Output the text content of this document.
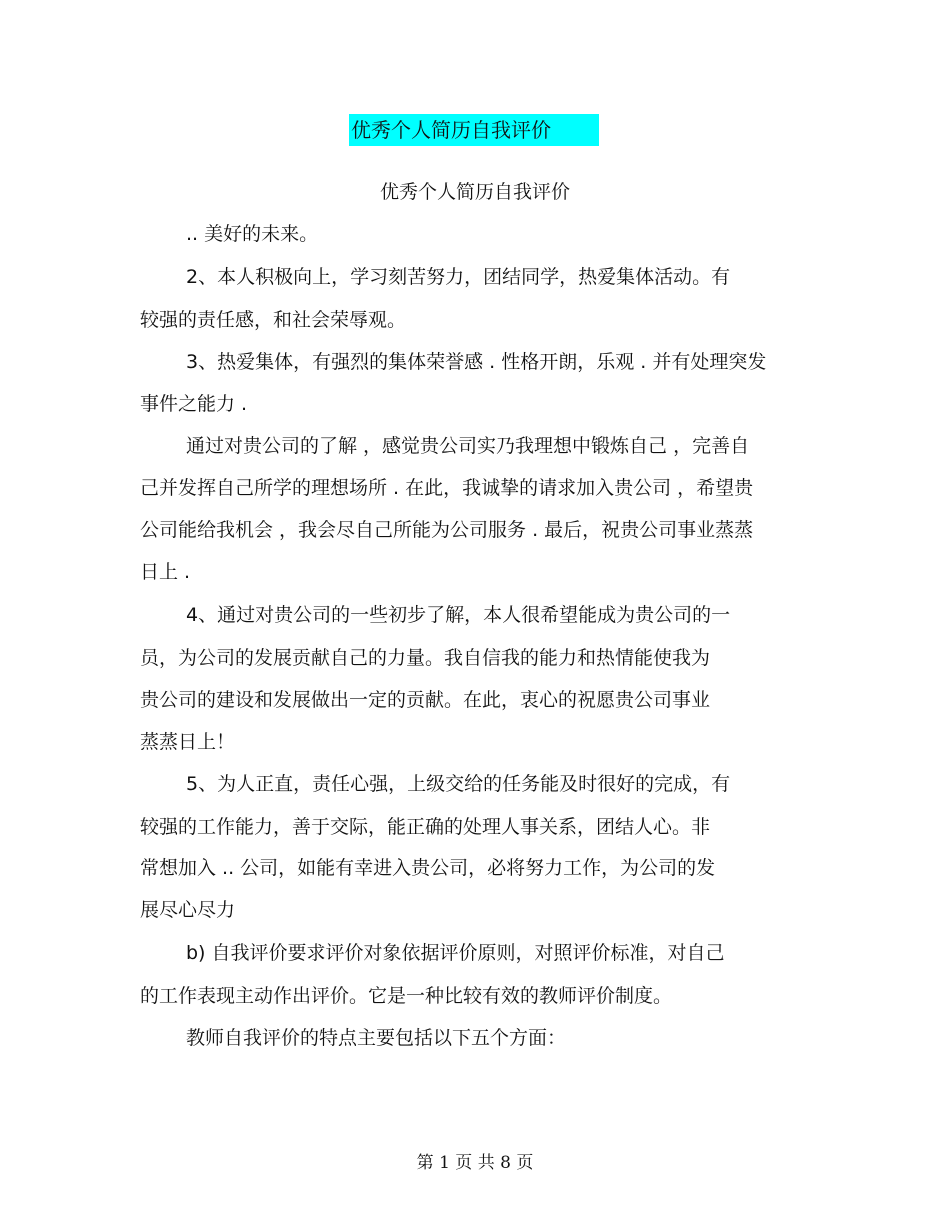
优秀个人简历自我评价
优秀个人简历自我评价
.. 美好的未来。
2、本人积极向上，学习刻苦努力，团结同学，热爱集体活动。有
较强的责任感，和社会荣辱观。
3、热爱集体，有强烈的集体荣誉感 . 性格开朗，乐观 . 并有处理突发
事件之能力 .
通过对贵公司的了解 ，感觉贵公司实乃我理想中锻炼自己 ，完善自
己并发挥自己所学的理想场所 . 在此，我诚挚的请求加入贵公司 ，希望贵
公司能给我机会 ，我会尽自己所能为公司服务 . 最后，祝贵公司事业蒸蒸
日上 .
4、通过对贵公司的一些初步了解，本人很希望能成为贵公司的一
员，为公司的发展贡献自己的力量。我自信我的能力和热情能使我为
贵公司的建设和发展做出一定的贡献。在此，衷心的祝愿贵公司事业
蒸蒸日上！
5、为人正直，责任心强，上级交给的任务能及时很好的完成，有
较强的工作能力，善于交际，能正确的处理人事关系，团结人心。非
常想加入 .. 公司，如能有幸进入贵公司，必将努力工作，为公司的发
展尽心尽力
b) 自我评价要求评价对象依据评价原则，对照评价标准，对自己
的工作表现主动作出评价。它是一种比较有效的教师评价制度。
教师自我评价的特点主要包括以下五个方面：
第 1 页 共 8 页
